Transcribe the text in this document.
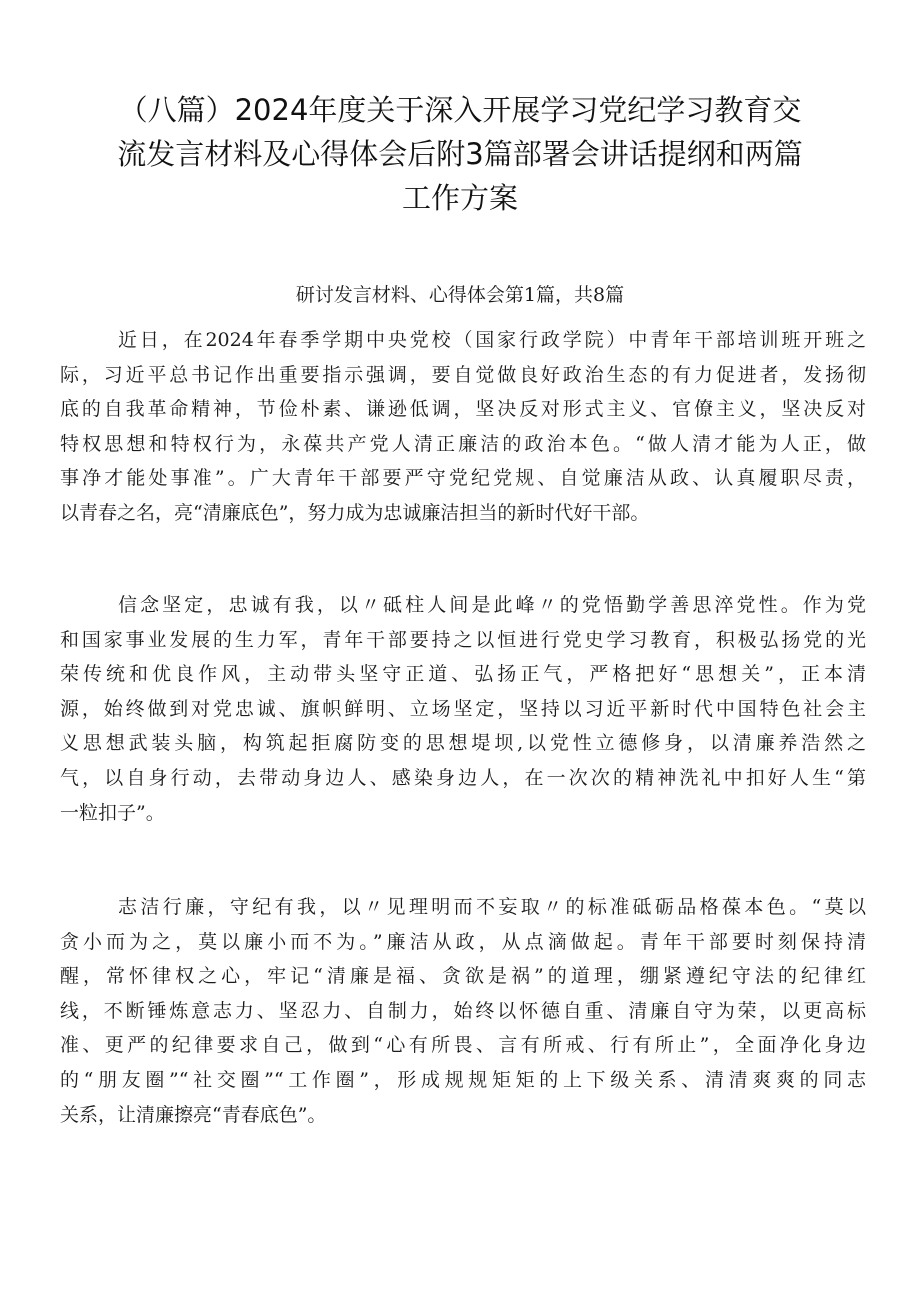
（八篇）2024年度关于深入开展学习党纪学习教育交
流发言材料及心得体会后附3篇部署会讲话提纲和两篇
工作方案

研讨发言材料、心得体会第1篇，共8篇

近日，在2024年春季学期中央党校（国家行政学院）中青年干部培训班开班之
际，习近平总书记作出重要指示强调，要自觉做良好政治生态的有力促进者，发扬彻
底的自我革命精神，节俭朴素、谦逊低调，坚决反对形式主义、官僚主义，坚决反对
特权思想和特权行为，永葆共产党人清正廉洁的政治本色。“做人清才能为人正，做
事净才能处事准”。广大青年干部要严守党纪党规、自觉廉洁从政、认真履职尽责，
以青春之名，亮“清廉底色”，努力成为忠诚廉洁担当的新时代好干部。
信念坚定，忠诚有我，以〃砥柱人间是此峰〃的党悟勤学善思淬党性。作为党
和国家事业发展的生力军，青年干部要持之以恒进行党史学习教育，积极弘扬党的光
荣传统和优良作风，主动带头坚守正道、弘扬正气，严格把好“思想关”，正本清
源，始终做到对党忠诚、旗帜鲜明、立场坚定，坚持以习近平新时代中国特色社会主
义思想武装头脑，构筑起拒腐防变的思想堤坝,以党性立德修身，以清廉养浩然之
气，以自身行动，去带动身边人、感染身边人，在一次次的精神洗礼中扣好人生“第
一粒扣子”。
志洁行廉，守纪有我，以〃见理明而不妄取〃的标准砥砺品格葆本色。“莫以
贪小而为之，莫以廉小而不为。”廉洁从政，从点滴做起。青年干部要时刻保持清
醒，常怀律权之心，牢记“清廉是福、贪欲是祸”的道理，绷紧遵纪守法的纪律红
线，不断锤炼意志力、坚忍力、自制力，始终以怀德自重、清廉自守为荣，以更高标
准、更严的纪律要求自己，做到“心有所畏、言有所戒、行有所止”，全面净化身边
的“朋友圈”“社交圈”“工作圈”，形成规规矩矩的上下级关系、清清爽爽的同志
关系，让清廉擦亮“青春底色”。
